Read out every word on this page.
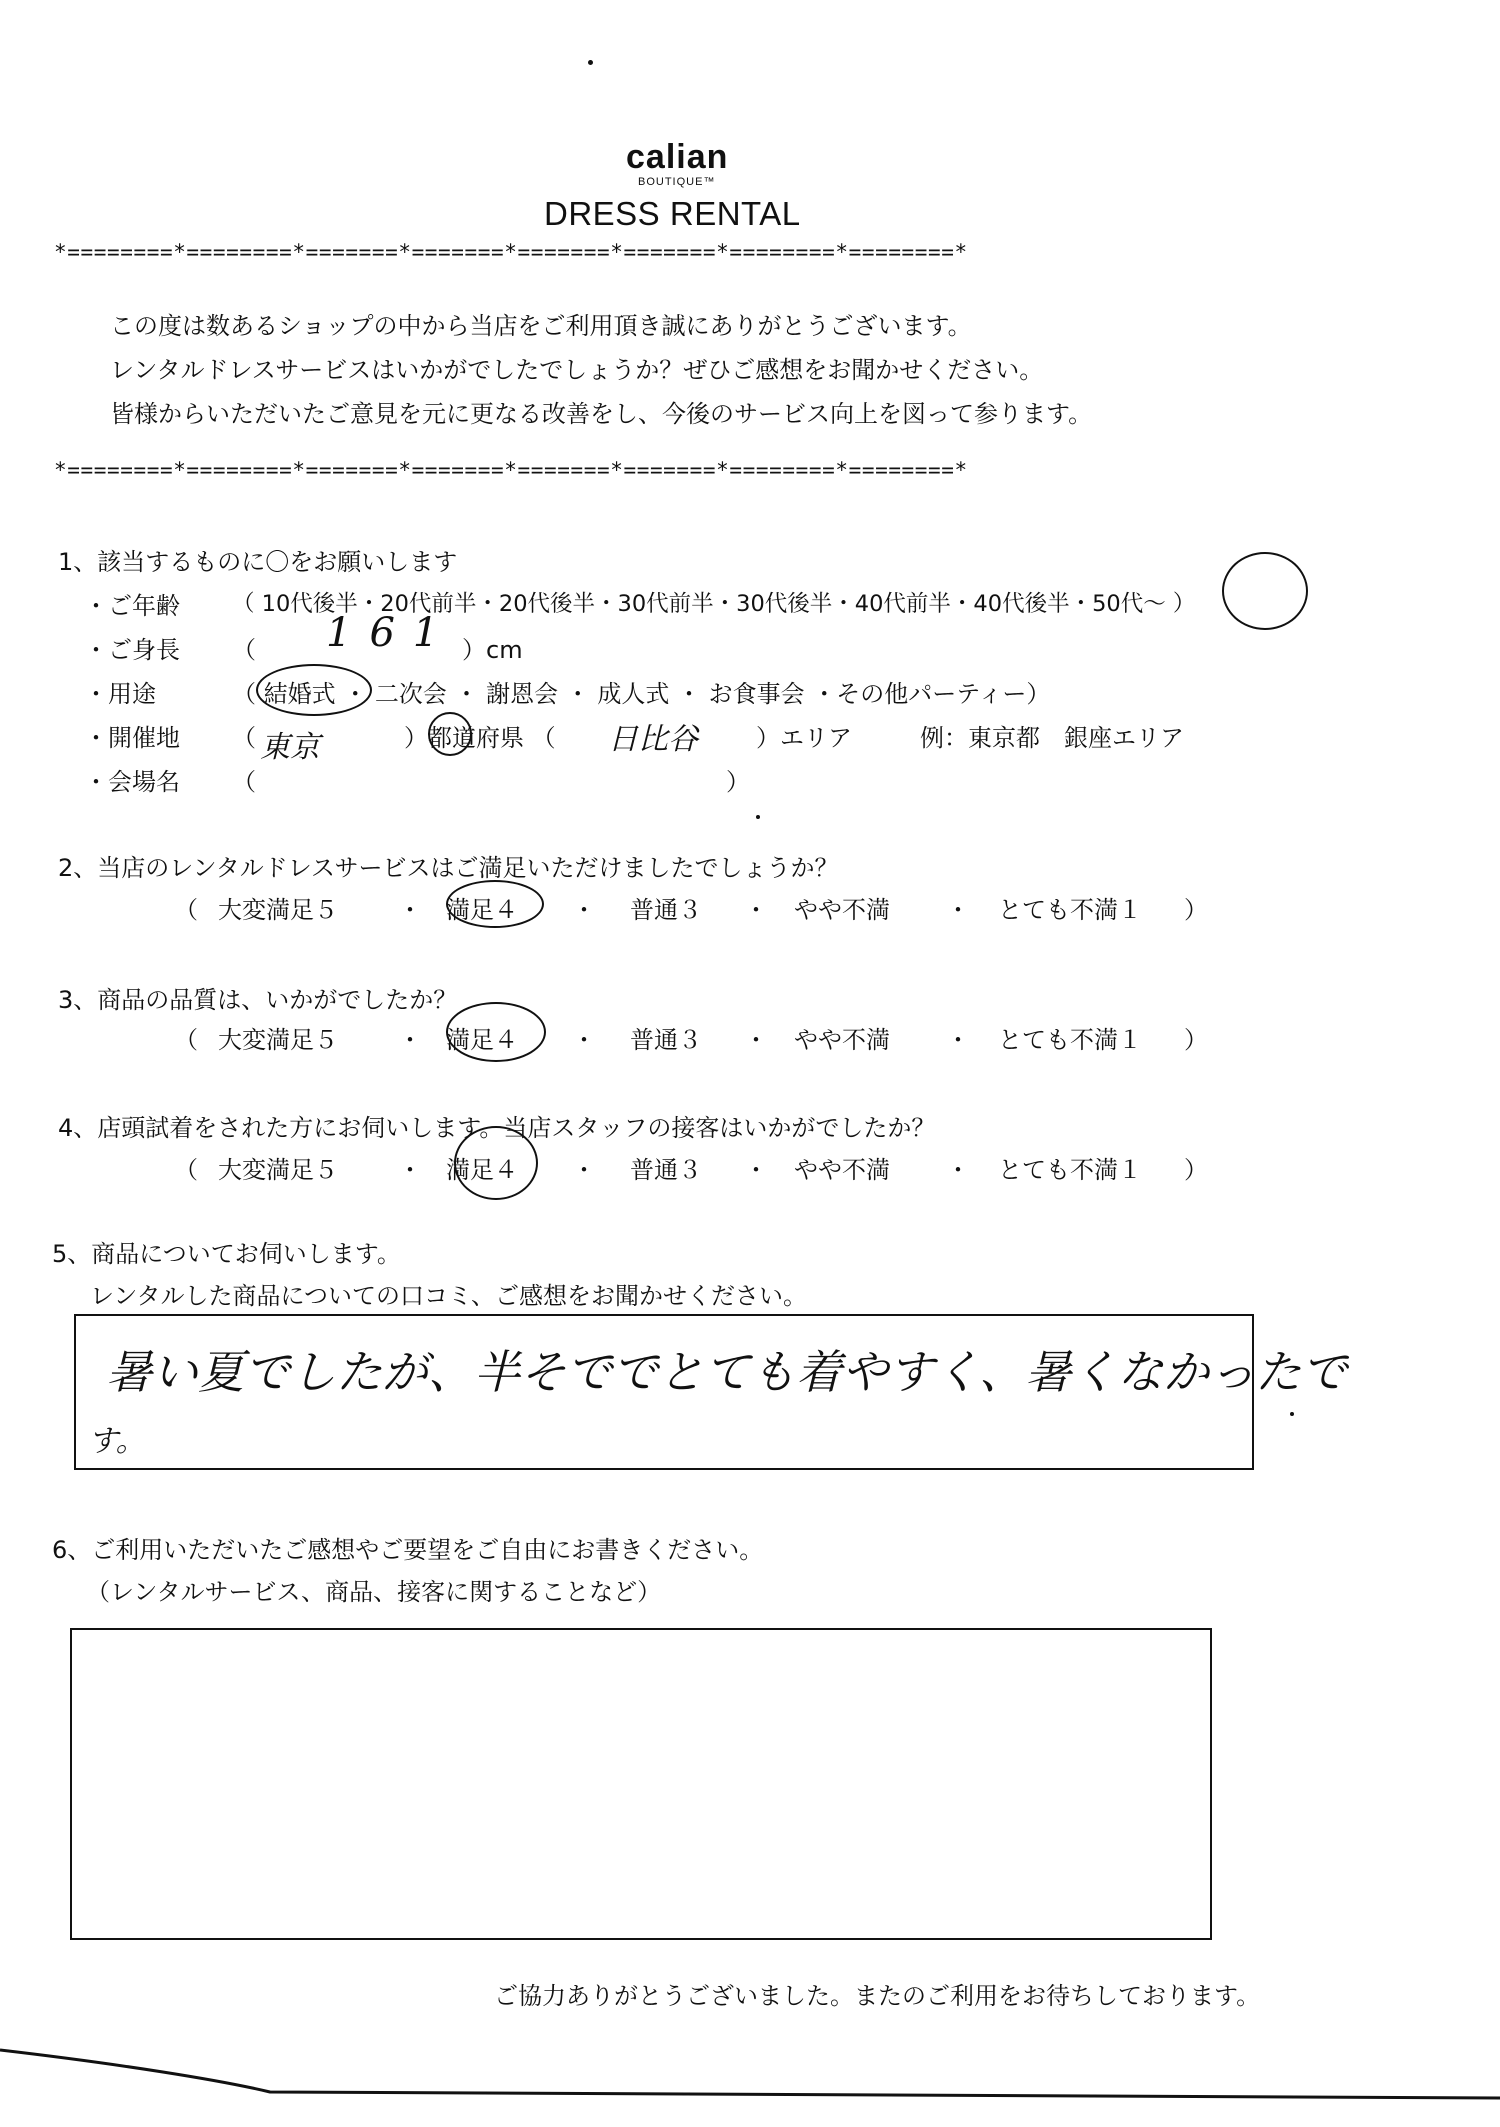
calian
BOUTIQUE™
DRESS RENTAL
*========*========*=======*=======*=======*=======*========*========*
この度は数あるショップの中から当店をご利用頂き誠にありがとうございます。
レンタルドレスサービスはいかがでしたでしょうか？ぜひご感想をお聞かせください。
皆様からいただいたご意見を元に更なる改善をし、今後のサービス向上を図って参ります。
*========*========*=======*=======*=======*=======*========*========*
1、該当するものに〇をお願いします
・ご年齢 （ 10代後半・20代前半・20代後半・30代前半・30代後半・40代前半・40代後半・50代〜 ）
・ご身長 （ 161 ）cm
・用途	（ 結婚式 ・ 二次会 ・ 謝恩会 ・ 成人式 ・ お食事会 ・その他パーティー）
・開催地 （ 東京	）都道府県 （ 日比谷 ）エリア	例：東京都　銀座エリア
・会場名 （	）
2、当店のレンタルドレスサービスはご満足いただけましたでしょうか？
（ 大変満足５	・ 満足４ ・ 普通３ ・ やや不満 ・ とても不満１ ）
3、商品の品質は、いかがでしたか？
（ 大変満足５	・ 満足４ ・ 普通３ ・ やや不満 ・ とても不満１ ）
4、店頭試着をされた方にお伺いします。当店スタッフの接客はいかがでしたか？
（ 大変満足５	・ 満足４ ・ 普通３ ・ やや不満 ・ とても不満１ ）
5、商品についてお伺いします。
レンタルした商品についての口コミ、ご感想をお聞かせください。
暑い夏でしたが、半そででとても着やすく、暑くなかったで
す。
6、ご利用いただいたご感想やご要望をご自由にお書きください。
（レンタルサービス、商品、接客に関することなど）
ご協力ありがとうございました。またのご利用をお待ちしております。
